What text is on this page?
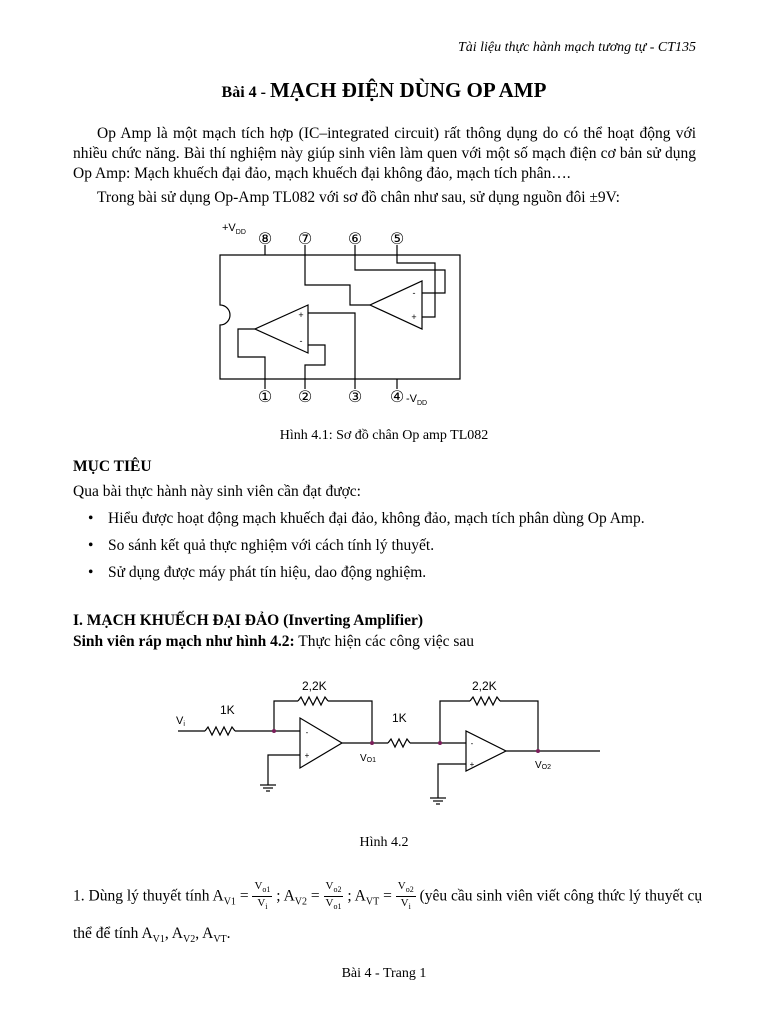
Tài liệu thực hành mạch tương tự - CT135
Bài 4 - MẠCH ĐIỆN DÙNG OP AMP
Op Amp là một mạch tích hợp (IC–integrated circuit) rất thông dụng do có thể hoạt động với nhiều chức năng. Bài thí nghiệm này giúp sinh viên làm quen với một số mạch điện cơ bản sử dụng Op Amp: Mạch khuếch đại đảo, mạch khuếch đại không đảo, mạch tích phân….
Trong bài sử dụng Op-Amp TL082 với sơ đồ chân như sau, sử dụng nguồn đôi ±9V:
+
-
-
+
⑧ ⑦ ⑥ ⑤
① ② ③ ④
$+V_{DD}$
$-V_{DD}$
Hình 4.1: Sơ đồ chân Op amp TL082
MỤC TIÊU
Qua bài thực hành này sinh viên cần đạt được:
• Hiểu được hoạt động mạch khuếch đại đảo, không đảo, mạch tích phân dùng Op Amp.
• So sánh kết quả thực nghiệm với cách tính lý thuyết.
• Sử dụng được máy phát tín hiệu, dao động nghiệm.
I. MẠCH KHUẾCH ĐẠI ĐẢO (Inverting Amplifier)
Sinh viên ráp mạch như hình 4.2: Thực hiện các công việc sau
-
+
-
+
2,2K	2,2K
1K
1K
Vi
VO1	VO2
Hình 4.2
1. Dùng lý thuyết tính $A_{V1} = \frac{V_{o1}}{V_i}$ ; $A_{V2} = \frac{V_{o2}}{V_{o1}}$ ; $A_{VT} = \frac{V_{o2}}{V_i}$ (yêu cầu sinh viên viết công thức lý thuyết cụ thể để tính $A_{V1}$, $A_{V2}$, $A_{VT}$.
Bài 4 - Trang 1
